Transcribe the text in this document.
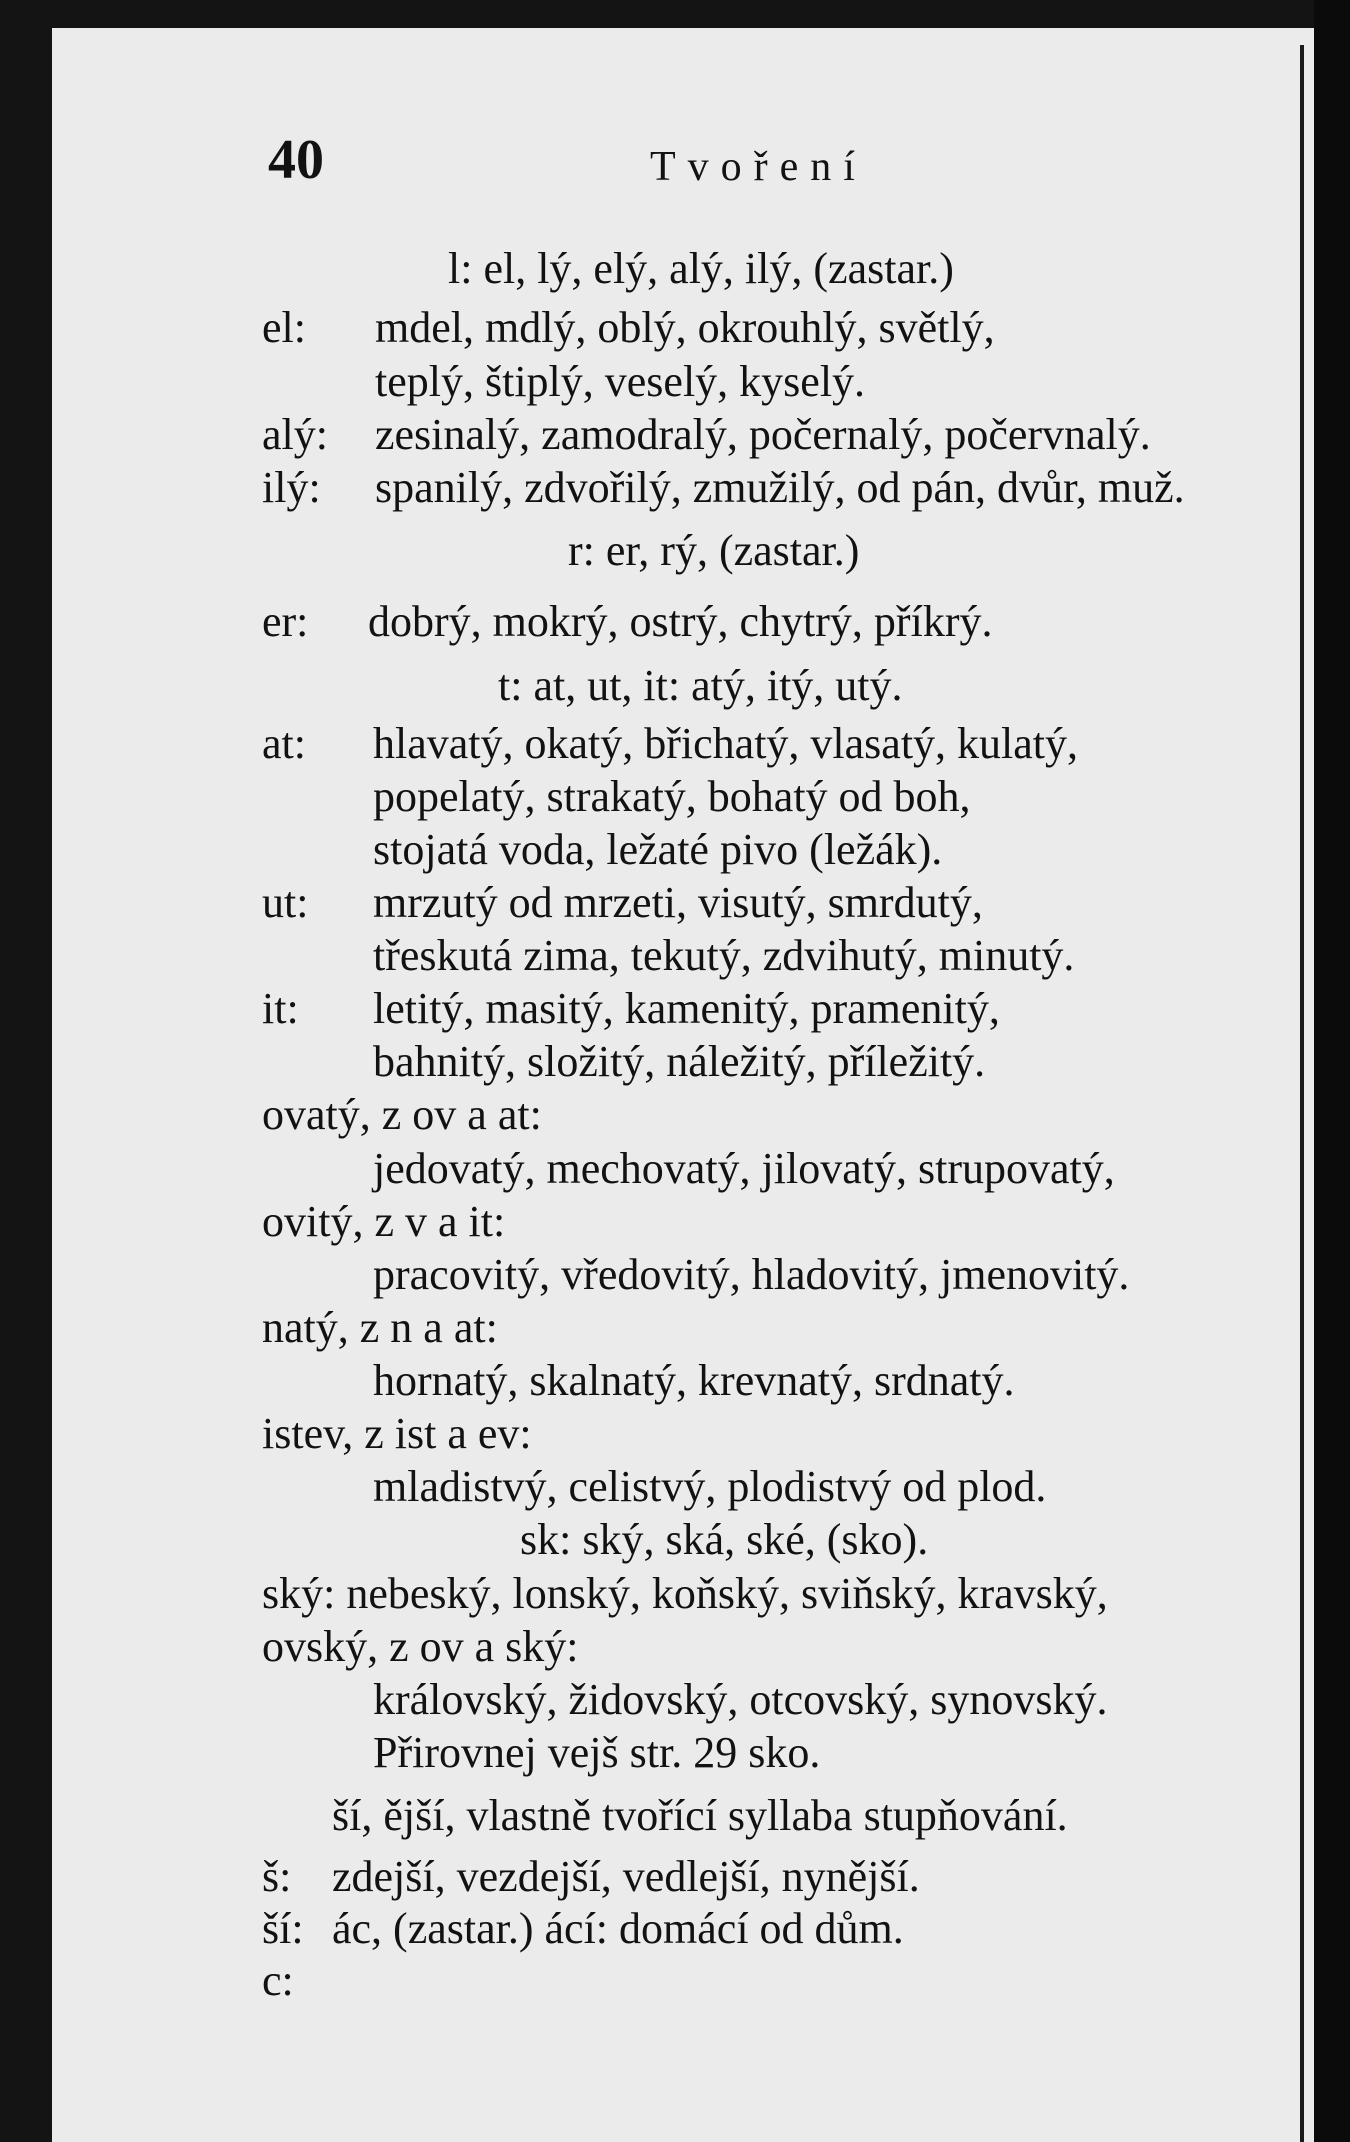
40	Tvoření
el:
alý:
ilý:
er:
at:
ut:
it:
š:
ší:
c:
l: el, lý, elý, alý, ilý, (zastar.)
mdel, mdlý, oblý, okrouhlý, světlý,
teplý, štiplý, veselý, kyselý.
zesinalý, zamodralý, počernalý, počervnalý.
spanilý, zdvořilý, zmužilý, od pán, dvůr, muž.
r: er, rý, (zastar.)
dobrý, mokrý, ostrý, chytrý, příkrý.
t: at, ut, it: atý, itý, utý.
hlavatý, okatý, břichatý, vlasatý, kulatý,
popelatý, strakatý, bohatý od boh,
stojatá voda, ležaté pivo (ležák).
mrzutý od mrzeti, visutý, smrdutý,
třeskutá zima, tekutý, zdvihutý, minutý.
letitý, masitý, kamenitý, pramenitý,
bahnitý, složitý, náležitý, příležitý.
ovatý, z ov a at:
jedovatý, mechovatý, jilovatý, strupovatý,
ovitý, z v a it:
pracovitý, vředovitý, hladovitý, jmenovitý.
natý, z n a at:
hornatý, skalnatý, krevnatý, srdnatý.
istev, z ist a ev:
mladistvý, celistvý, plodistvý od plod.
sk: ský, ská, ské, (sko).
ský: nebeský, lonský, koňský, sviňský, kravský,
ovský, z ov a ský:
královský, židovský, otcovský, synovský.
Přirovnej vejš str. 29 sko.
ší, ější, vlastně tvořící syllaba stupňování.
zdejší, vezdejší, vedlejší, nynější.
ác, (zastar.) ácí: domácí od dům.
